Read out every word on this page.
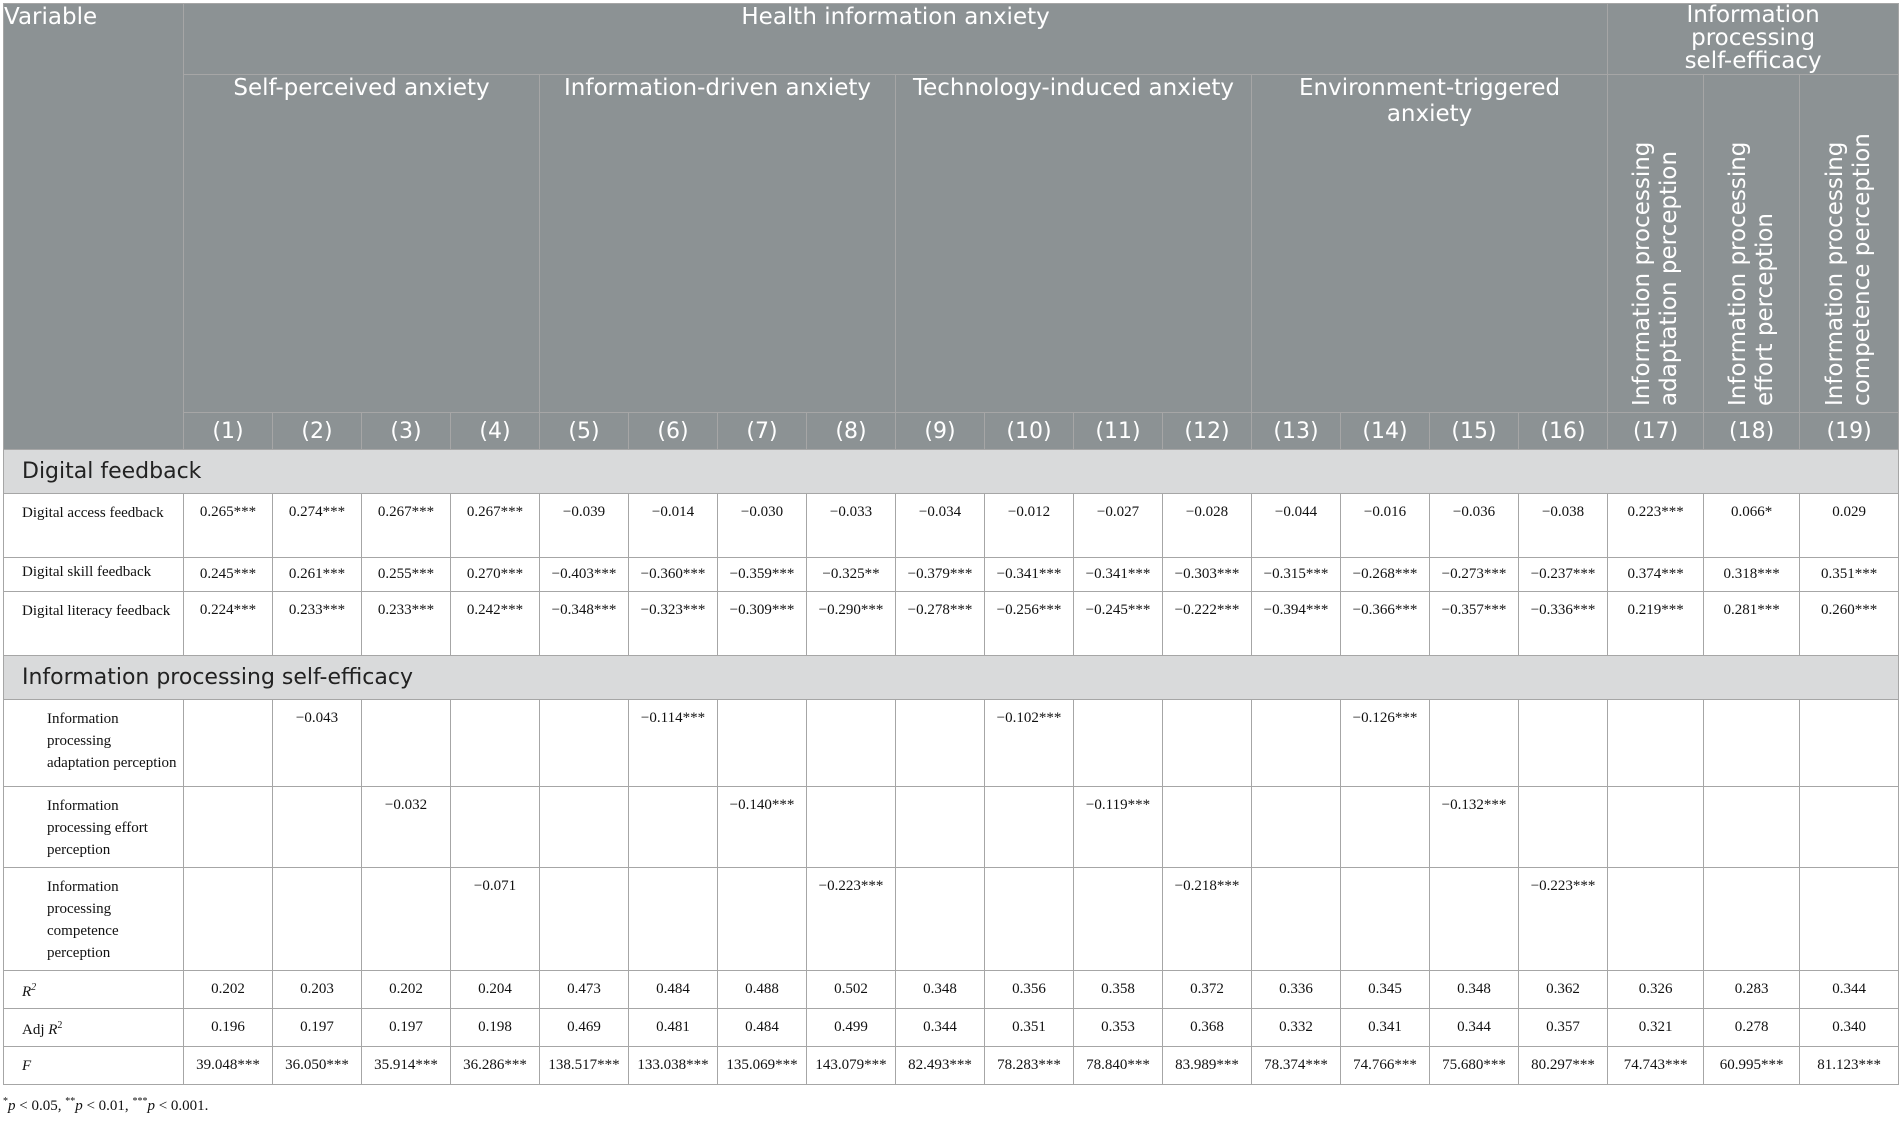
Variable	Health information anxiety																Information processing self-efficacy		

	Self-perceived anxiety				Information-driven anxiety				Technology-induced anxiety				Environment-triggered anxiety				Information processing adaptation perception	Information processing effort perception	Information processing competence perception
	(1)	(2)	(3)	(4)	(5)	(6)	(7)	(8)	(9)	(10)	(11)	(12)	(13)	(14)	(15)	(16)	(17)	(18)	(19)
Digital feedback																			
Digital access feedback	0.265***	0.274***	0.267***	0.267***	−0.039	−0.014	−0.030	−0.033	−0.034	−0.012	−0.027	−0.028	−0.044	−0.016	−0.036	−0.038	0.223***	0.066*	0.029
Digital skill feedback	0.245***	0.261***	0.255***	0.270***	−0.403***	−0.360***	−0.359***	−0.325**	−0.379***	−0.341***	−0.341***	−0.303***	−0.315***	−0.268***	−0.273***	−0.237***	0.374***	0.318***	0.351***
Digital literacy feedback	0.224***	0.233***	0.233***	0.242***	−0.348***	−0.323***	−0.309***	−0.290***	−0.278***	−0.256***	−0.245***	−0.222***	−0.394***	−0.366***	−0.357***	−0.336***	0.219***	0.281***	0.260***
Information processing self-efficacy																			
Information processing adaptation perception		−0.043				−0.114***				−0.102***				−0.126***					
Information processing effort perception			−0.032				−0.140***				−0.119***				−0.132***				
Information processing competence perception				−0.071				−0.223***				−0.218***				−0.223***			
$R^2$	0.202	0.203	0.202	0.204	0.473	0.484	0.488	0.502	0.348	0.356	0.358	0.372	0.336	0.345	0.348	0.362	0.326	0.283	0.344
Adj $R^2$	0.196	0.197	0.197	0.198	0.469	0.481	0.484	0.499	0.344	0.351	0.353	0.368	0.332	0.341	0.344	0.357	0.321	0.278	0.340
F	39.048***	36.050***	35.914***	36.286***	138.517***	133.038***	135.069***	143.079***	82.493***	78.283***	78.840***	83.989***	78.374***	74.766***	75.680***	80.297***	74.743***	60.995***	81.123***
*p < 0.05, **p < 0.01, ***p < 0.001.
